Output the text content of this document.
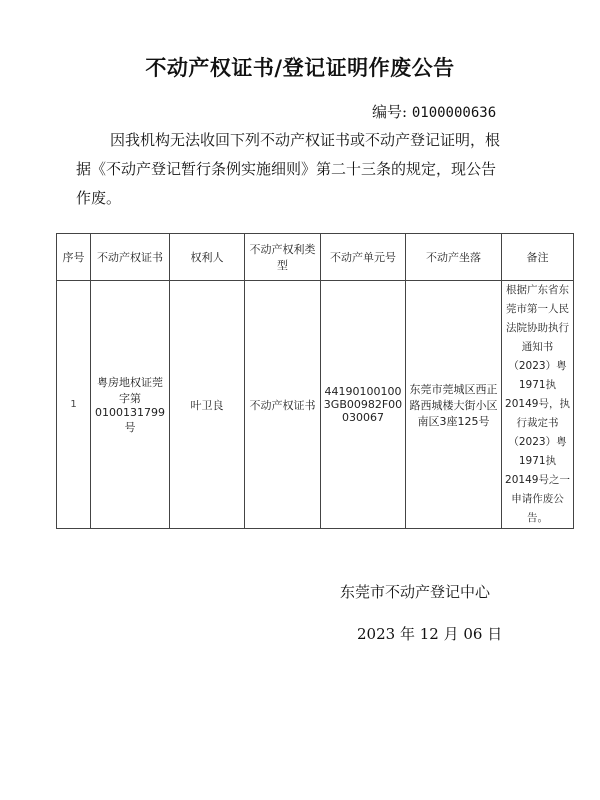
不动产权证书/登记证明作废公告
编号: 0100000636

因我机构无法收回下列不动产权证书或不动产登记证明，根

据《不动产登记暂行条例实施细则》第二十三条的规定，现公告

作废。

序号	不动产权证书	权利人	不动产权利类型	不动产单元号	不动产坐落	备注
1	粤房地权证莞字第0100131799号	叶卫良	不动产权证书	441901001003GB00982F00030067	东莞市莞城区西正路西城楼大街小区南区3座125号	根据广东省东莞市第一人民法院协助执行通知书（2023）粤1971执20149号，执行裁定书（2023）粤1971执20149号之一申请作废公告。
东莞市不动产登记中心
2023 年 12 月 06 日
